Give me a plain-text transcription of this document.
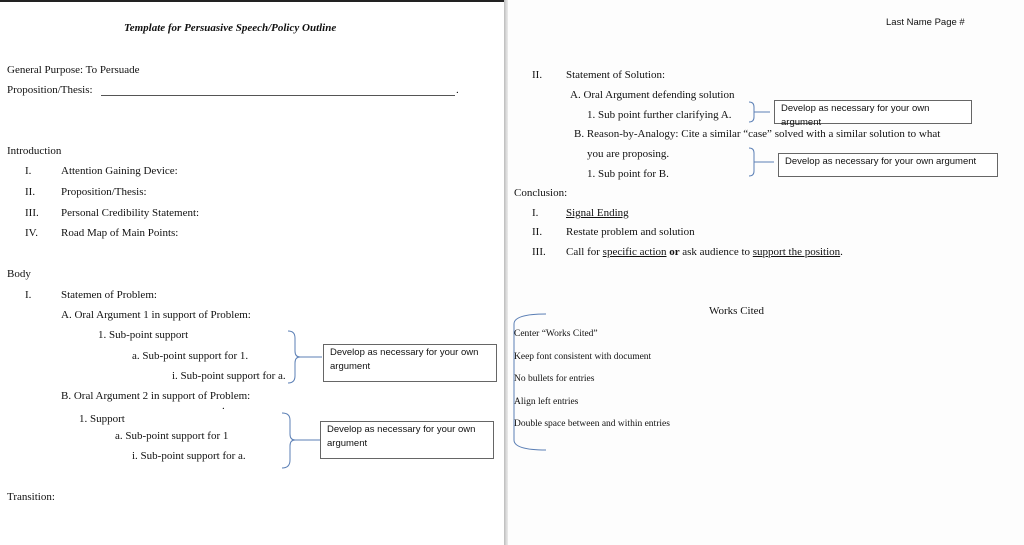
Template for Persuasive Speech/Policy Outline
General Purpose: To Persuade
Proposition/Thesis:	.
Introduction
I.	Attention Gaining Device:
II. Proposition/Thesis:
III. Personal Credibility Statement:
IV. Road Map of Main Points:
Body
I.	Statemen of Problem:
A. Oral Argument 1 in support of Problem:
1. Sub-point support
a. Sub-point support for 1.
i. Sub-point support for a.
B. Oral Argument 2 in support of Problem:
.
1. Support
a. Sub-point support for 1
i. Sub-point support for a.
Develop as necessary for your own argument
Develop as necessary for your own argument
Transition:
Last Name Page #
II. Statement of Solution:
A. Oral Argument defending solution
1. Sub point further clarifying A.
B. Reason-by-Analogy: Cite a similar “case” solved with a similar solution to what
you are proposing.
1. Sub point for B.
Develop as necessary for your own argument
Develop as necessary for your own argument
Conclusion:
I.	Signal Ending
II. Restate problem and solution
III. Call for specific action or ask audience to support the position.
Works Cited
Center “Works Cited”
Keep font consistent with document
No bullets for entries
Align left entries
Double space between and within entries
